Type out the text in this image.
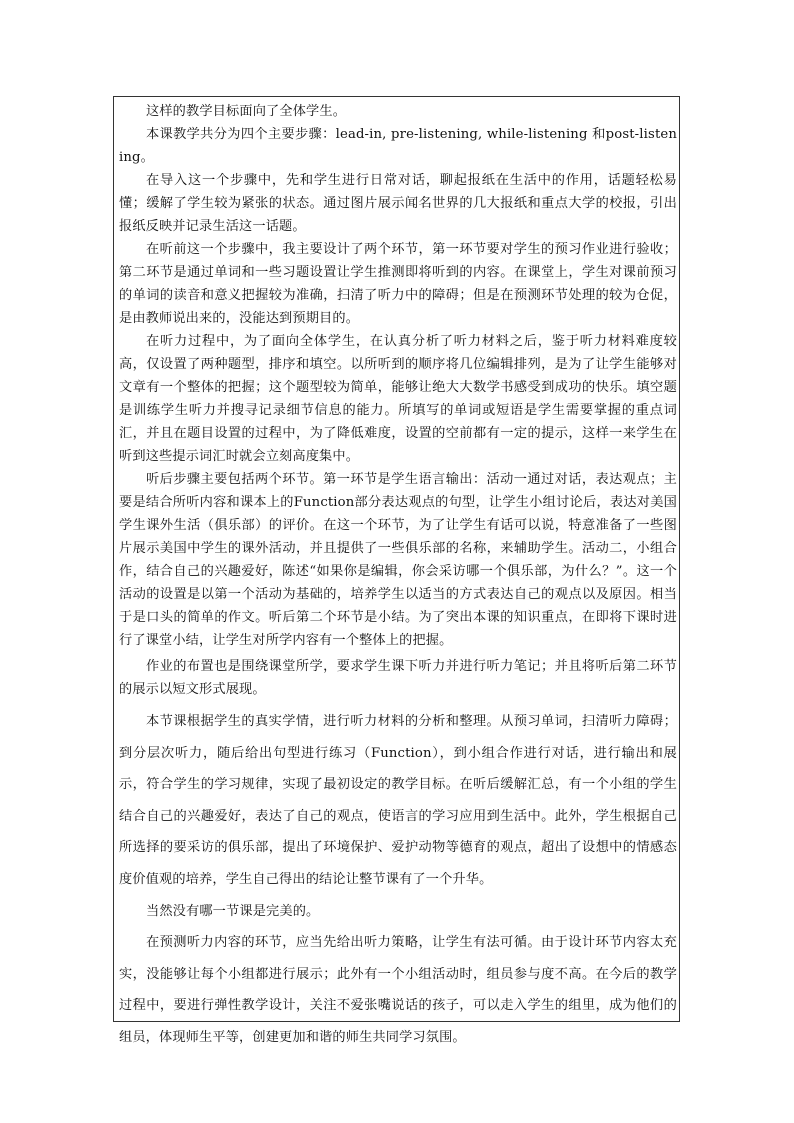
这样的教学目标面向了全体学生。

本课教学共分为四个主要步骤：lead-in, pre-listening, while-listening 和post-listening。

在导入这一个步骤中，先和学生进行日常对话，聊起报纸在生活中的作用，话题轻松易懂；缓解了学生较为紧张的状态。通过图片展示闻名世界的几大报纸和重点大学的校报，引出报纸反映并记录生活这一话题。

在听前这一个步骤中，我主要设计了两个环节，第一环节要对学生的预习作业进行验收；第二环节是通过单词和一些习题设置让学生推测即将听到的内容。在课堂上，学生对课前预习的单词的读音和意义把握较为准确，扫清了听力中的障碍；但是在预测环节处理的较为仓促，是由教师说出来的，没能达到预期目的。

在听力过程中，为了面向全体学生，在认真分析了听力材料之后，鉴于听力材料难度较高，仅设置了两种题型，排序和填空。以所听到的顺序将几位编辑排列，是为了让学生能够对文章有一个整体的把握；这个题型较为简单，能够让绝大大数学书感受到成功的快乐。填空题是训练学生听力并搜寻记录细节信息的能力。所填写的单词或短语是学生需要掌握的重点词汇，并且在题目设置的过程中，为了降低难度，设置的空前都有一定的提示，这样一来学生在听到这些提示词汇时就会立刻高度集中。

听后步骤主要包括两个环节。第一环节是学生语言输出：活动一通过对话，表达观点；主要是结合所听内容和课本上的Function部分表达观点的句型，让学生小组讨论后，表达对美国学生课外生活（俱乐部）的评价。在这一个环节，为了让学生有话可以说，特意准备了一些图片展示美国中学生的课外活动，并且提供了一些俱乐部的名称，来辅助学生。活动二，小组合作，结合自己的兴趣爱好，陈述“如果你是编辑，你会采访哪一个俱乐部，为什么？”。这一个活动的设置是以第一个活动为基础的，培养学生以适当的方式表达自己的观点以及原因。相当于是口头的简单的作文。听后第二个环节是小结。为了突出本课的知识重点，在即将下课时进行了课堂小结，让学生对所学内容有一个整体上的把握。

作业的布置也是围绕课堂所学，要求学生课下听力并进行听力笔记；并且将听后第二环节的展示以短文形式展现。

本节课根据学生的真实学情，进行听力材料的分析和整理。从预习单词，扫清听力障碍；到分层次听力，随后给出句型进行练习（Function），到小组合作进行对话，进行输出和展示，符合学生的学习规律，实现了最初设定的教学目标。在听后缓解汇总，有一个小组的学生结合自己的兴趣爱好，表达了自己的观点，使语言的学习应用到生活中。此外，学生根据自己所选择的要采访的俱乐部，提出了环境保护、爱护动物等德育的观点，超出了设想中的情感态度价值观的培养，学生自己得出的结论让整节课有了一个升华。

当然没有哪一节课是完美的。

在预测听力内容的环节，应当先给出听力策略，让学生有法可循。由于设计环节内容太充实，没能够让每个小组都进行展示；此外有一个小组活动时，组员参与度不高。在今后的教学过程中，要进行弹性教学设计，关注不爱张嘴说话的孩子，可以走入学生的组里，成为他们的组员，体现师生平等，创建更加和谐的师生共同学习氛围。
